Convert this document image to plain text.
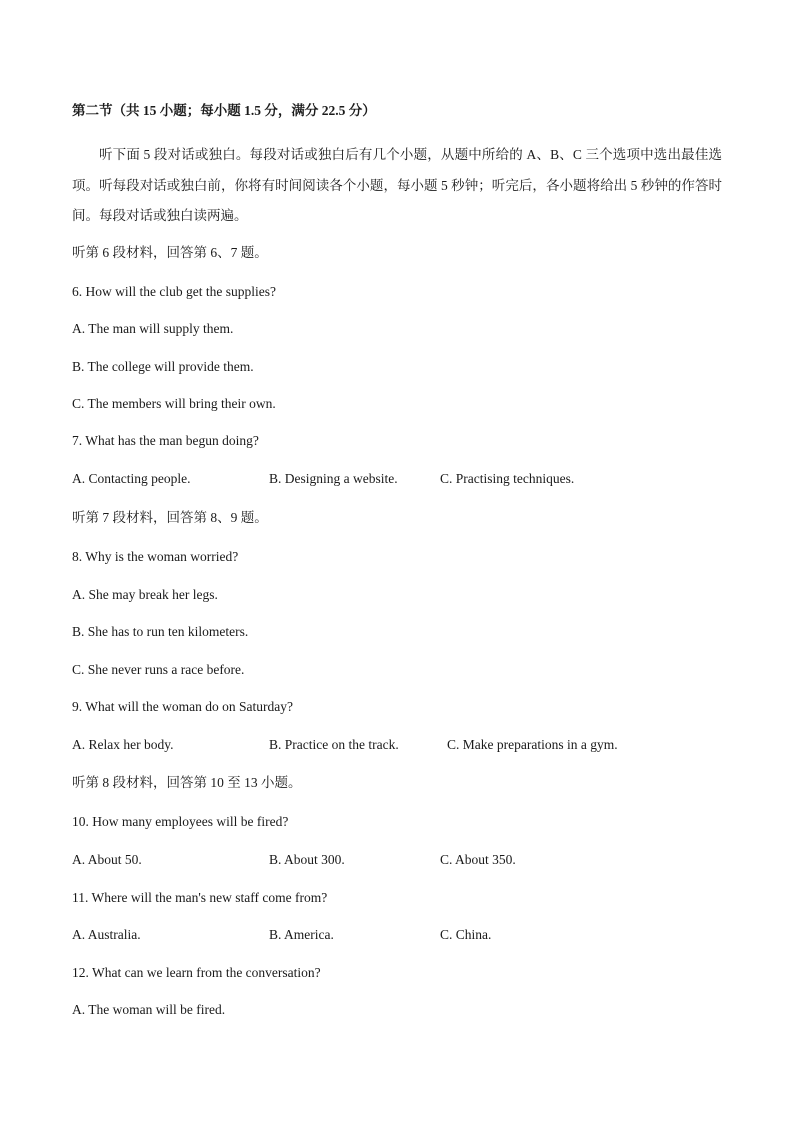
第二节（共 15 小题；每小题 1.5 分，满分 22.5 分）
听下面 5 段对话或独白。每段对话或独白后有几个小题，从题中所给的 A、B、C 三个选项中选出最佳选项。听每段对话或独白前，你将有时间阅读各个小题，每小题 5 秒钟；听完后，各小题将给出 5 秒钟的作答时间。每段对话或独白读两遍。
听第 6 段材料，回答第 6、7 题。
6. How will the club get the supplies?
A. The man will supply them.
B. The college will provide them.
C. The members will bring their own.
7. What has the man begun doing?
A. Contacting people.	B. Designing a website.	C. Practising techniques.
听第 7 段材料，回答第 8、9 题。
8. Why is the woman worried?
A. She may break her legs.
B. She has to run ten kilometers.
C. She never runs a race before.
9. What will the woman do on Saturday?
A. Relax her body.	B. Practice on the track.	C. Make preparations in a gym.
听第 8 段材料，回答第 10 至 13 小题。
10. How many employees will be fired?
A. About 50.	B. About 300.	C. About 350.
11. Where will the man's new staff come from?
A. Australia.	B. America.	C. China.
12. What can we learn from the conversation?
A. The woman will be fired.
